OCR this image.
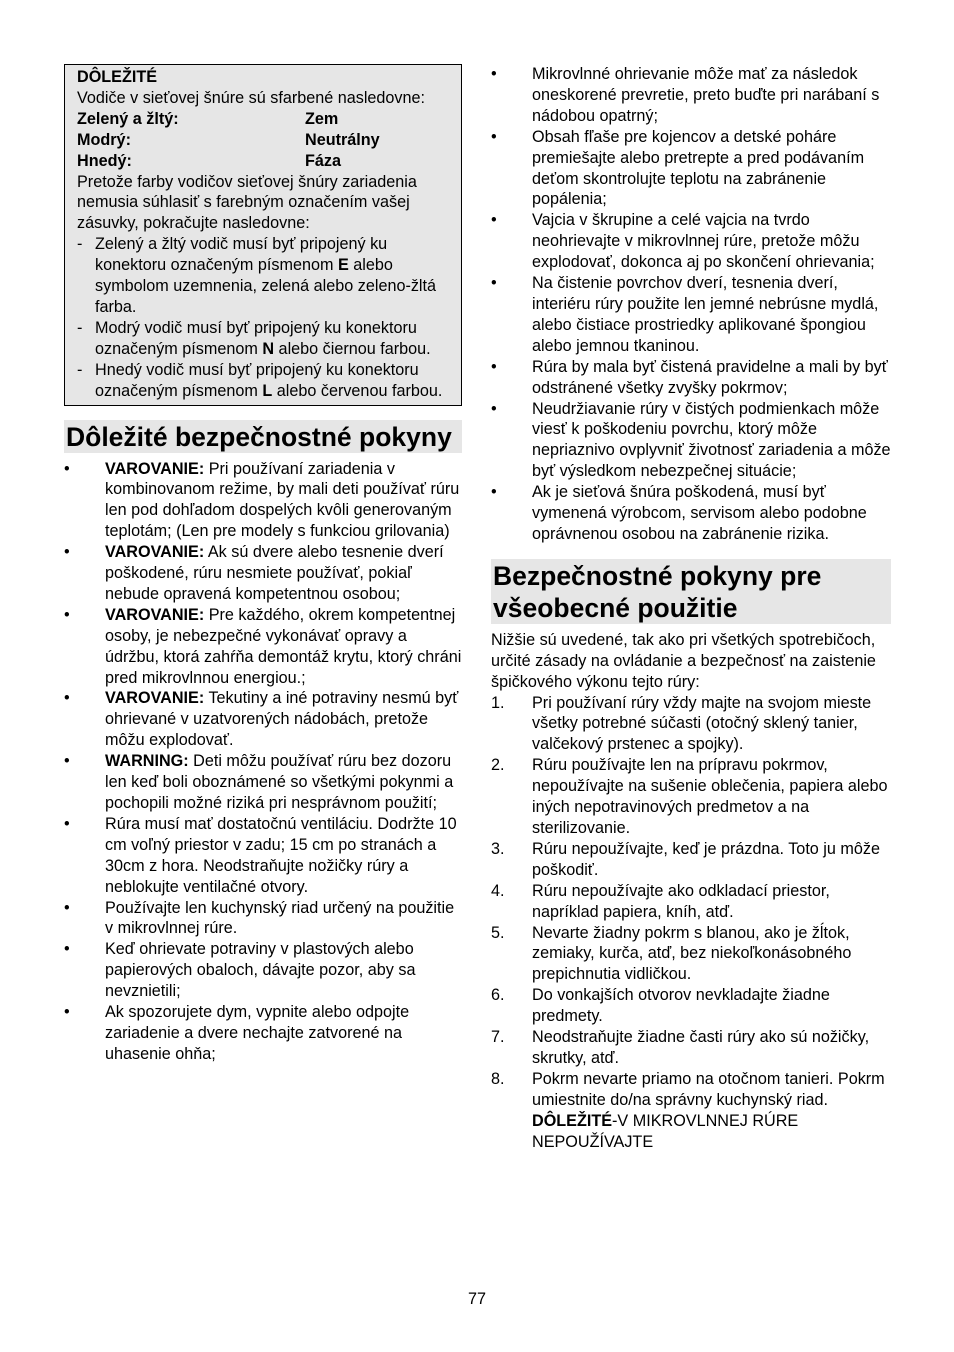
DÔLEŽITÉ
Vodiče v sieťovej šnúre sú sfarbené nasledovne:
Zelený a žltý:	Zem
Modrý:	Neutrálny
Hnedý:	Fáza
Pretože farby vodičov sieťovej šnúry zariadenia nemusia súhlasiť s farebným označením vašej zásuvky, pokračujte nasledovne:
- Zelený a žltý vodič musí byť pripojený ku konektoru označeným písmenom E alebo symbolom uzemnenia, zelená alebo zeleno-žltá farba.
- Modrý vodič musí byť pripojený ku konektoru označeným písmenom N alebo čiernou farbou.
- Hnedý vodič musí byť pripojený ku konektoru označeným písmenom L alebo červenou farbou.
Dôležité bezpečnostné pokyny
•	VAROVANIE: Pri používaní zariadenia v kombinovanom režime, by mali deti používať rúru len pod dohľadom dospelých kvôli generovaným teplotám; (Len pre modely s funkciou grilovania)
•	VAROVANIE: Ak sú dvere alebo tesnenie dverí poškodené, rúru nesmiete používať, pokiaľ nebude opravená kompetentnou osobou;
•	VAROVANIE: Pre každého, okrem kompetentnej osoby, je nebezpečné vykonávať opravy a údržbu, ktorá zahŕňa demontáž krytu, ktorý chráni pred mikrovlnnou energiou.;
•	VAROVANIE: Tekutiny a iné potraviny nesmú byť ohrievané v uzatvorených nádobách, pretože môžu explodovať.
•	WARNING: Deti môžu používať rúru bez dozoru len keď boli oboznámené so všetkými pokynmi a pochopili možné riziká pri nesprávnom použití;
•	Rúra musí mať dostatočnú ventiláciu. Dodržte 10 cm voľný priestor v zadu; 15 cm po stranách a 30cm z hora. Neodstraňujte nožičky rúry a neblokujte ventilačné otvory.
•	Používajte len kuchynský riad určený na použitie v mikrovlnnej rúre.
•	Keď ohrievate potraviny v plastových alebo papierových obaloch, dávajte pozor, aby sa nevznietili;
•	Ak spozorujete dym, vypnite alebo odpojte zariadenie a dvere nechajte zatvorené na uhasenie ohňa;
•	Mikrovlnné ohrievanie môže mať za následok oneskorené prevretie, preto buďte pri narábaní s nádobou opatrný;
•	Obsah fľaše pre kojencov a detské poháre premiešajte alebo pretrepte a pred podávaním deťom skontrolujte teplotu na zabránenie popálenia;
•	Vajcia v škrupine a celé vajcia na tvrdo neohrievajte v mikrovlnnej rúre, pretože môžu explodovať, dokonca aj po skončení ohrievania;
•	Na čistenie povrchov dverí, tesnenia dverí, interiéru rúry použite len jemné nebrúsne mydlá, alebo čistiace prostriedky aplikované špongiou alebo jemnou tkaninou.
•	Rúra by mala byť čistená pravidelne a mali by byť odstránené všetky zvyšky pokrmov;
•	Neudržiavanie rúry v čistých podmienkach môže viesť k poškodeniu povrchu, ktorý môže nepriaznivo ovplyvniť životnosť zariadenia a môže byť výsledkom nebezpečnej situácie;
•	Ak je sieťová šnúra poškodená, musí byť vymenená výrobcom, servisom alebo podobne oprávnenou osobou na zabránenie rizika.
Bezpečnostné pokyny pre všeobecné použitie
Nižšie sú uvedené, tak ako pri všetkých spotrebičoch, určité zásady na ovládanie a bezpečnosť na zaistenie špičkového výkonu tejto rúry:
1.	Pri používaní rúry vždy majte na svojom mieste všetky potrebné súčasti (otočný sklený tanier, valčekový prstenec a spojky).
2.	Rúru používajte len na prípravu pokrmov, nepoužívajte na sušenie oblečenia, papiera alebo iných nepotravinových predmetov a na sterilizovanie.
3.	Rúru nepoužívajte, keď je prázdna. Toto ju môže poškodiť.
4.	Rúru nepoužívajte ako odkladací priestor, napríklad papiera, kníh, atď.
5.	Nevarte žiadny pokrm s blanou, ako je žĺtok, zemiaky, kurča, atď, bez niekoľkonásobného prepichnutia vidličkou.
6.	Do vonkajších otvorov nevkladajte žiadne predmety.
7.	Neodstraňujte žiadne časti rúry ako sú nožičky, skrutky, atď.
8.	Pokrm nevarte priamo na otočnom tanieri. Pokrm umiestnite do/na správny kuchynský riad.
DÔLEŽITÉ-V MIKROVLNNEJ RÚRE NEPOUŽÍVAJTE
77
